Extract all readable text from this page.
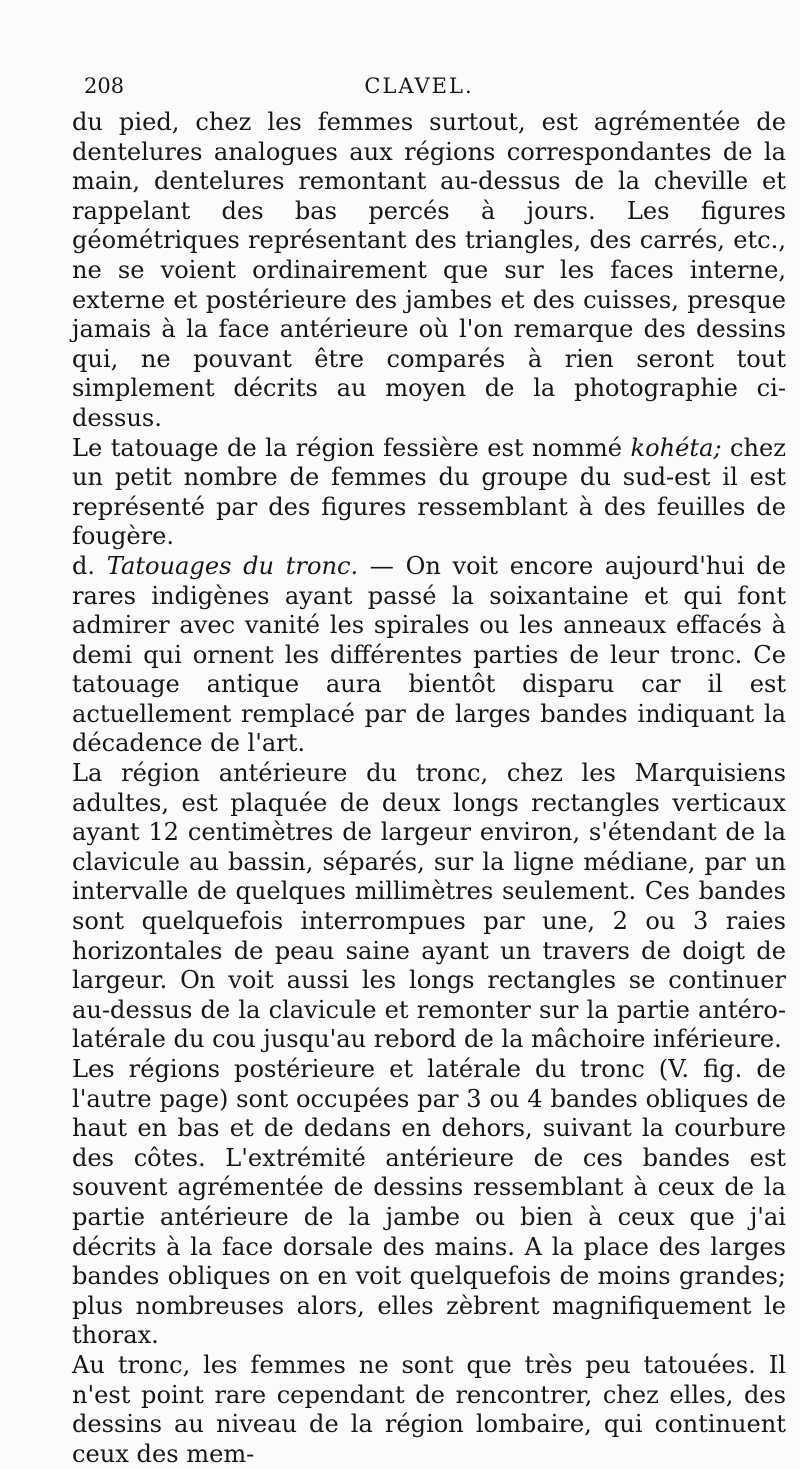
208	CLAVEL.

du pied, chez les femmes surtout, est agrémentée de dentelures analogues aux régions correspondantes de la main, dentelures remontant au-dessus de la cheville et rappelant des bas percés à jours. Les figures géométriques représentant des triangles, des carrés, etc., ne se voient ordinairement que sur les faces interne, externe et postérieure des jambes et des cuisses, presque jamais à la face antérieure où l'on remarque des dessins qui, ne pouvant être comparés à rien seront tout simplement décrits au moyen de la photographie ci-dessus.

Le tatouage de la région fessière est nommé kohéta; chez un petit nombre de femmes du groupe du sud-est il est représenté par des figures ressemblant à des feuilles de fougère.

d. Tatouages du tronc. — On voit encore aujourd'hui de rares indigènes ayant passé la soixantaine et qui font admirer avec vanité les spirales ou les anneaux effacés à demi qui ornent les différentes parties de leur tronc. Ce tatouage antique aura bientôt disparu car il est actuellement remplacé par de larges bandes indiquant la décadence de l'art.

La région antérieure du tronc, chez les Marquisiens adultes, est plaquée de deux longs rectangles verticaux ayant 12 centimètres de largeur environ, s'étendant de la clavicule au bassin, séparés, sur la ligne médiane, par un intervalle de quelques millimètres seulement. Ces bandes sont quelquefois interrompues par une, 2 ou 3 raies horizontales de peau saine ayant un travers de doigt de largeur. On voit aussi les longs rectangles se continuer au-dessus de la clavicule et remonter sur la partie antéro-latérale du cou jusqu'au rebord de la mâchoire inférieure.

Les régions postérieure et latérale du tronc (V. fig. de l'autre page) sont occupées par 3 ou 4 bandes obliques de haut en bas et de dedans en dehors, suivant la courbure des côtes. L'extrémité antérieure de ces bandes est souvent agrémentée de dessins ressemblant à ceux de la partie antérieure de la jambe ou bien à ceux que j'ai décrits à la face dorsale des mains. A la place des larges bandes obliques on en voit quelquefois de moins grandes; plus nombreuses alors, elles zèbrent magnifiquement le thorax.

Au tronc, les femmes ne sont que très peu tatouées. Il n'est point rare cependant de rencontrer, chez elles, des dessins au niveau de la région lombaire, qui continuent ceux des mem-
